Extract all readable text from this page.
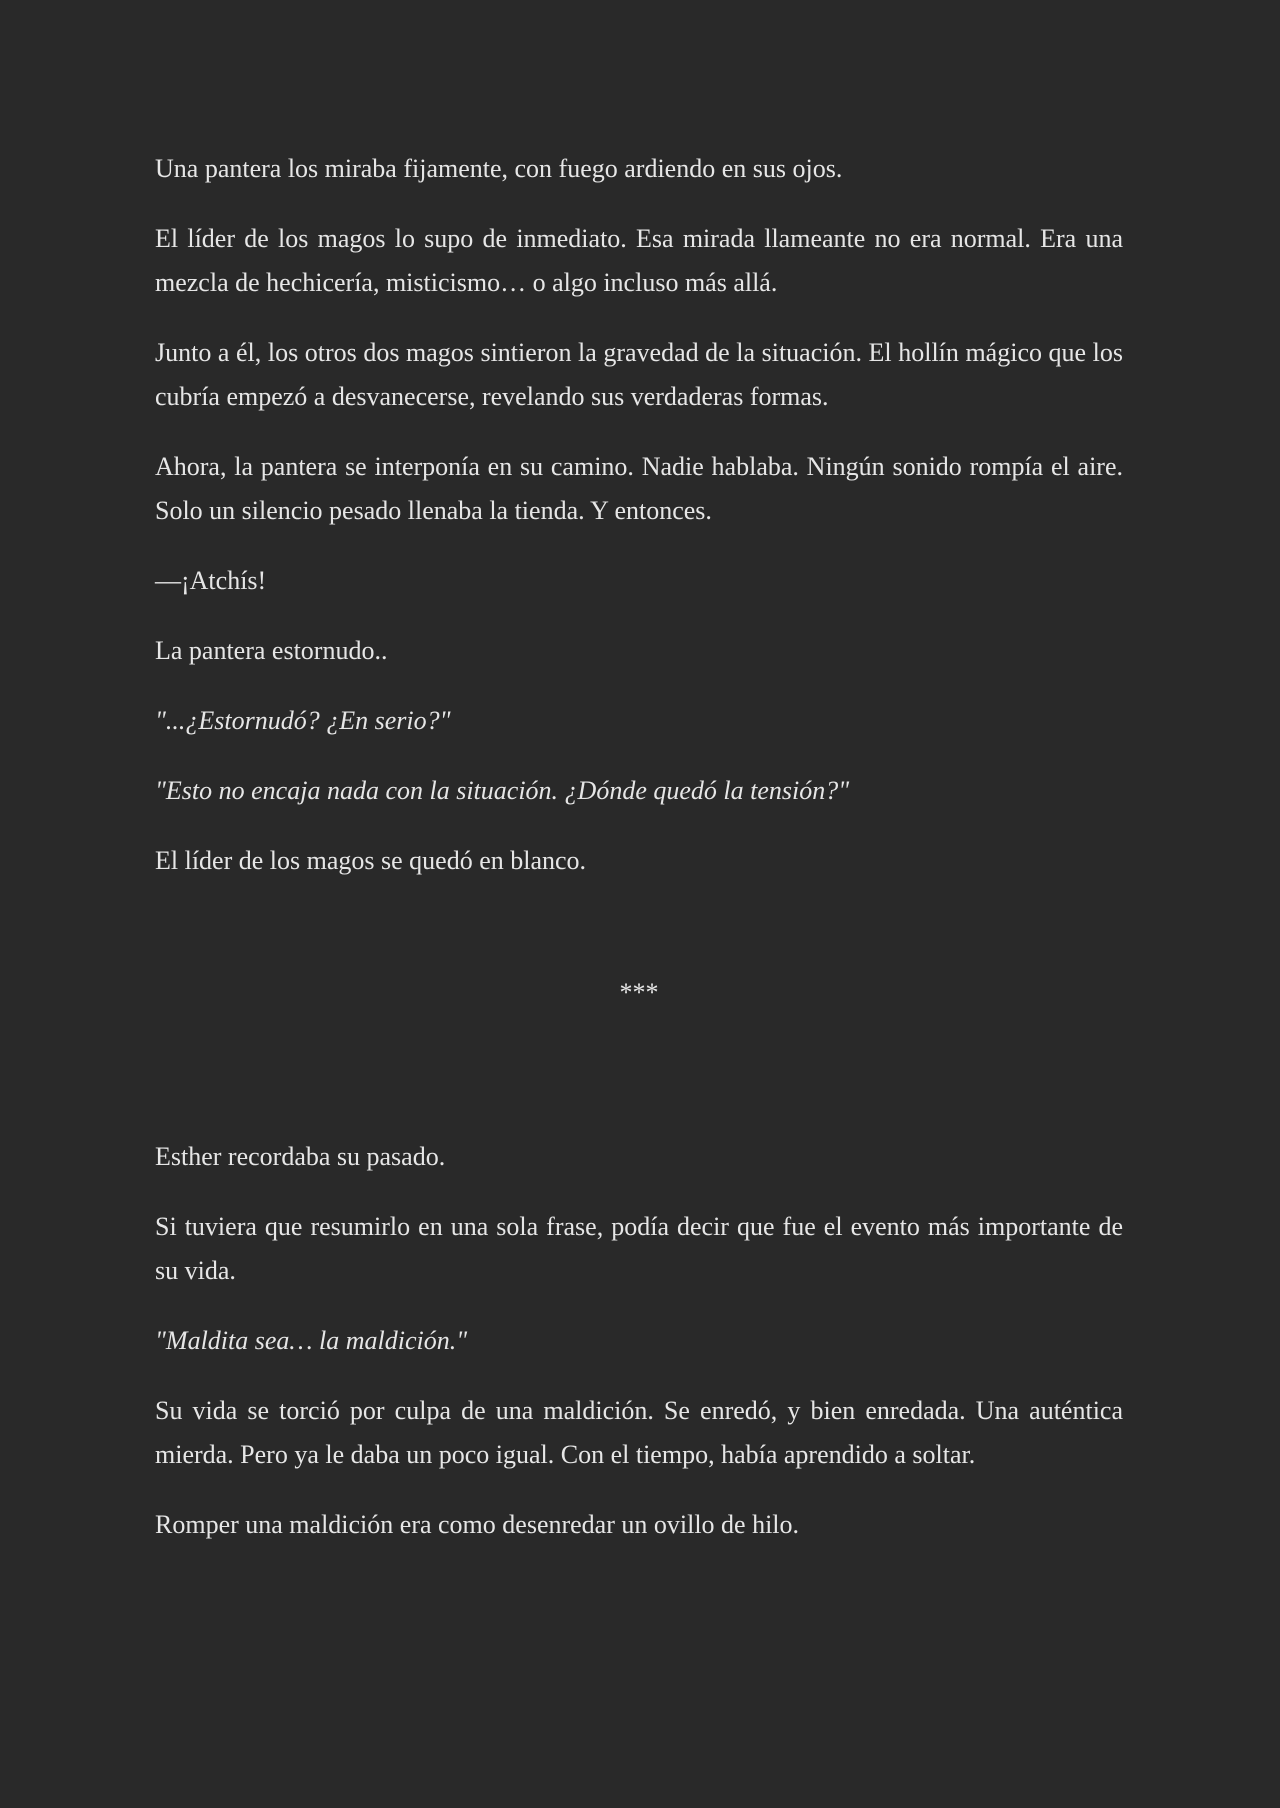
Una pantera los miraba fijamente, con fuego ardiendo en sus ojos.

El líder de los magos lo supo de inmediato. Esa mirada llameante no era normal. Era una mezcla de hechicería, misticismo… o algo incluso más allá.

Junto a él, los otros dos magos sintieron la gravedad de la situación. El hollín mágico que los cubría empezó a desvanecerse, revelando sus verdaderas formas.

Ahora, la pantera se interponía en su camino. Nadie hablaba. Ningún sonido rompía el aire. Solo un silencio pesado llenaba la tienda. Y entonces.

—¡Atchís!

La pantera estornudo..

"...¿Estornudó? ¿En serio?"

"Esto no encaja nada con la situación. ¿Dónde quedó la tensión?"

El líder de los magos se quedó en blanco.

***

Esther recordaba su pasado.

Si tuviera que resumirlo en una sola frase, podía decir que fue el evento más importante de su vida.

"Maldita sea… la maldición."

Su vida se torció por culpa de una maldición. Se enredó, y bien enredada. Una auténtica mierda. Pero ya le daba un poco igual. Con el tiempo, había aprendido a soltar.

Romper una maldición era como desenredar un ovillo de hilo.
